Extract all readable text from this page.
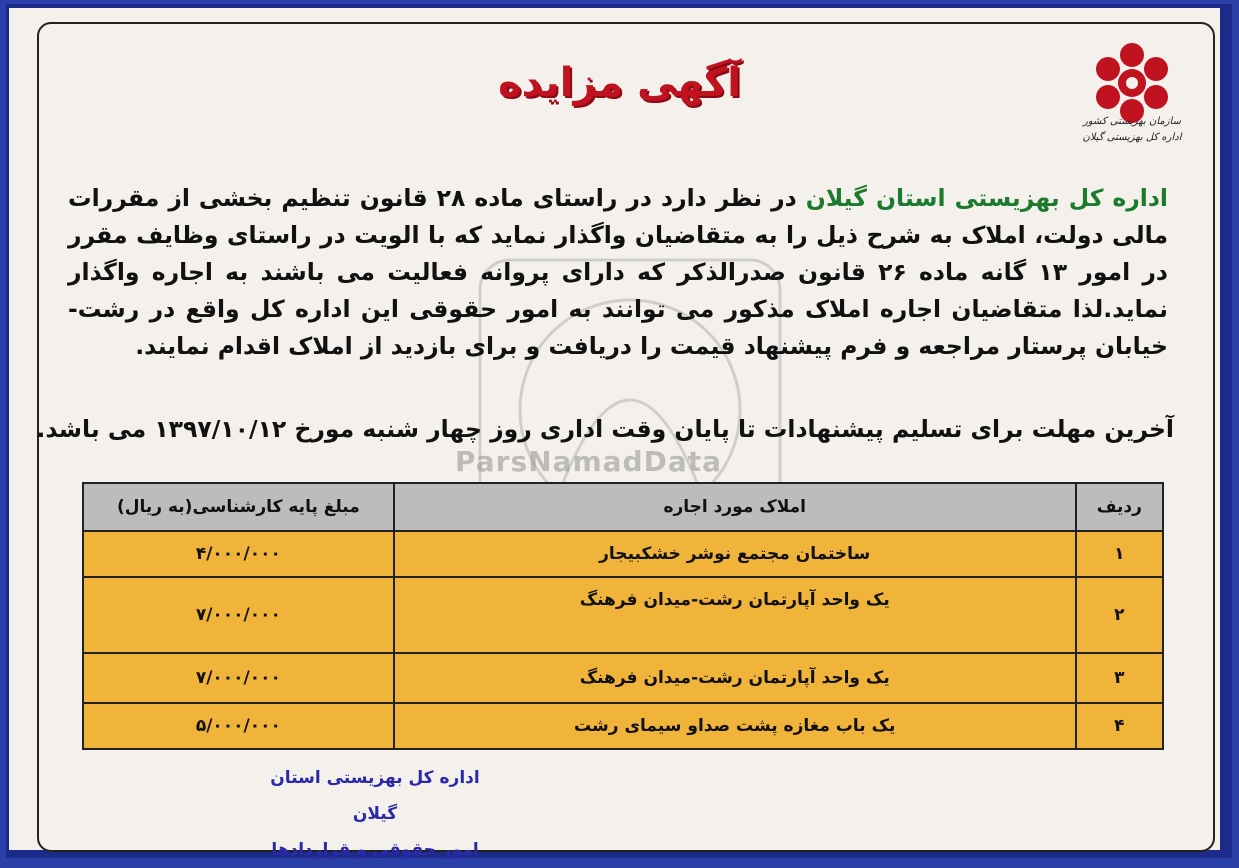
ParsNamadData
پایگاه اطلاع رسانی مناقصه و مزایده
۰۲۱-۸۸۳۴۹۶۷۰-۵
سازمان بهزیستی کشور
اداره کل بهزیستی گیلان
آگهی مزایده

اداره کل بهزیستی استان گیلان در نظر دارد در راستای ماده ۲۸ قانون تنظیم بخشی از مقررات مالی دولت، املاک به شرح ذیل را به متقاضیان واگذار نماید که با الویت در راستای وظایف مقرر در امور ۱۳ گانه ماده ۲۶ قانون صدرالذکر که دارای پروانه فعالیت می باشند به اجاره واگذار نماید.لذا متقاضیان اجاره املاک مذکور می توانند به امور حقوقی این اداره کل واقع در رشت-خیابان پرستار مراجعه و فرم پیشنهاد قیمت را دریافت و برای بازدید از املاک اقدام نمایند.

آخرین مهلت برای تسلیم پیشنهادات تا پایان وقت اداری روز چهار شنبه مورخ ۱۳۹۷/۱۰/۱۲ می باشد.
ردیف	املاک مورد اجاره	مبلغ پایه کارشناسی(به ریال)
۱	ساختمان مجتمع نوشر خشکبیجار	۴/۰۰۰/۰۰۰
۲	یک واحد آپارتمان رشت-میدان فرهنگ	۷/۰۰۰/۰۰۰
۳	یک واحد آپارتمان رشت-میدان فرهنگ	۷/۰۰۰/۰۰۰
۴	یک باب مغازه پشت صداو سیمای رشت	۵/۰۰۰/۰۰۰
اداره کل بهزیستی استان گیلان
امور حقوقی و قراردادها
